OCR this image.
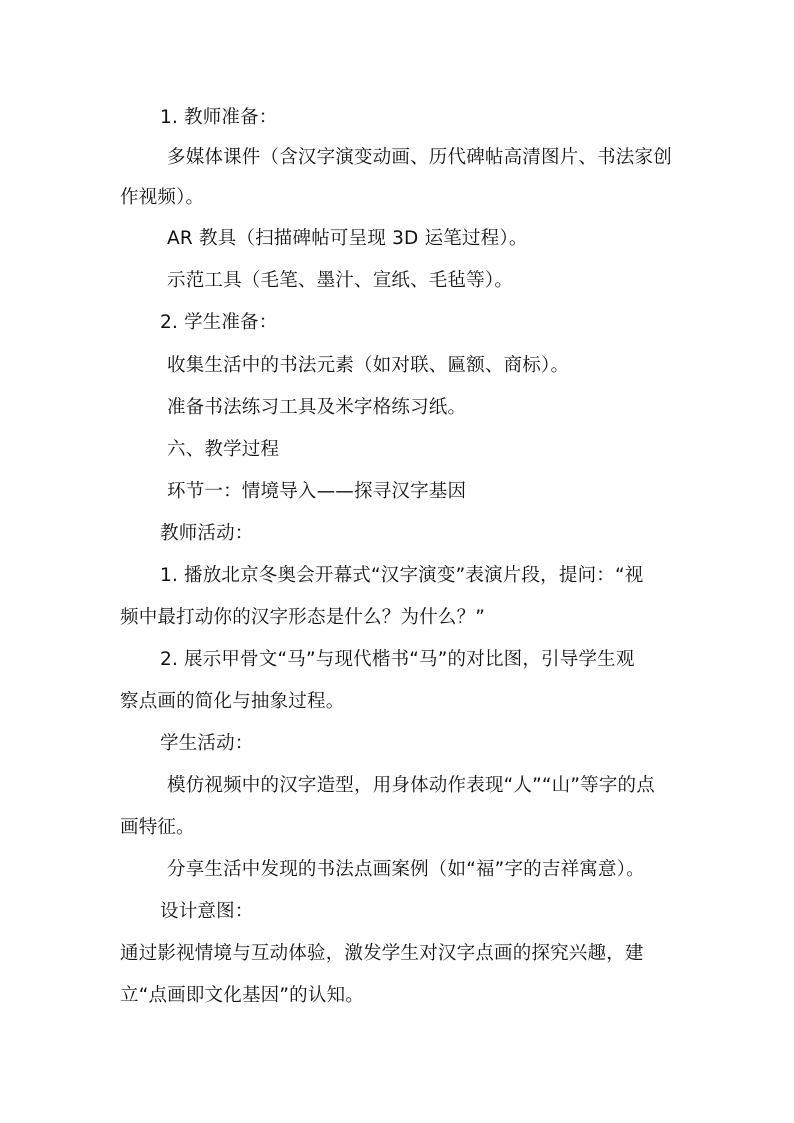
1. 教师准备：
多媒体课件（含汉字演变动画、历代碑帖高清图片、书法家创
作视频）。
AR 教具（扫描碑帖可呈现 3D 运笔过程）。
示范工具（毛笔、墨汁、宣纸、毛毡等）。
2. 学生准备：
收集生活中的书法元素（如对联、匾额、商标）。
准备书法练习工具及米字格练习纸。
六、教学过程
环节一：情境导入——探寻汉字基因
教师活动：
1. 播放北京冬奥会开幕式“汉字演变”表演片段，提问：“视
频中最打动你的汉字形态是什么？为什么？”
2. 展示甲骨文“马”与现代楷书“马”的对比图，引导学生观
察点画的简化与抽象过程。
学生活动：
模仿视频中的汉字造型，用身体动作表现“人”“山”等字的点
画特征。
分享生活中发现的书法点画案例（如“福”字的吉祥寓意）。
设计意图：
通过影视情境与互动体验，激发学生对汉字点画的探究兴趣，建
立“点画即文化基因”的认知。
